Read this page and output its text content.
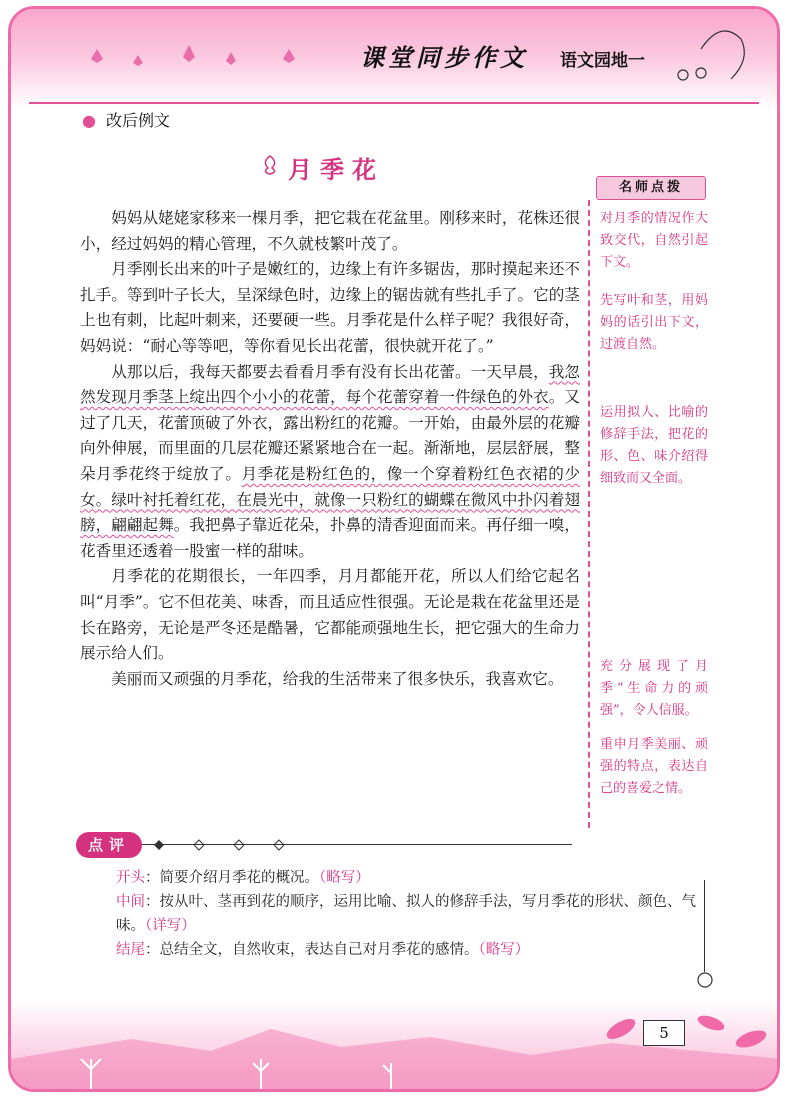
课堂同步作文 语文园地一
● 改后例文
月季花

妈妈从姥姥家移来一棵月季，把它栽在花盆里。刚移来时，花株还很小，经过妈妈的精心管理，不久就枝繁叶茂了。

月季刚长出来的叶子是嫩红的，边缘上有许多锯齿，那时摸起来还不扎手。等到叶子长大，呈深绿色时，边缘上的锯齿就有些扎手了。它的茎上也有刺，比起叶刺来，还要硬一些。月季花是什么样子呢？我很好奇，妈妈说：“耐心等等吧，等你看见长出花蕾，很快就开花了。”

从那以后，我每天都要去看看月季有没有长出花蕾。一天早晨，我忽然发现月季茎上绽出四个小小的花蕾，每个花蕾穿着一件绿色的外衣。又过了几天，花蕾顶破了外衣，露出粉红的花瓣。一开始，由最外层的花瓣向外伸展，而里面的几层花瓣还紧紧地合在一起。渐渐地，层层舒展，整朵月季花终于绽放了。月季花是粉红色的，像一个穿着粉红色衣裙的少女。绿叶衬托着红花，在晨光中，就像一只粉红的蝴蝶在微风中扑闪着翅膀，翩翩起舞。我把鼻子靠近花朵，扑鼻的清香迎面而来。再仔细一嗅，花香里还透着一股蜜一样的甜味。

月季花的花期很长，一年四季，月月都能开花，所以人们给它起名叫“月季”。它不但花美、味香，而且适应性很强。无论是栽在花盆里还是长在路旁，无论是严冬还是酷暑，它都能顽强地生长，把它强大的生命力展示给人们。

美丽而又顽强的月季花，给我的生活带来了很多快乐，我喜欢它。

名师点拨
对月季的情况作大致交代，自然引起下文。
先写叶和茎，用妈妈的话引出下文，过渡自然。
运用拟人、比喻的修辞手法，把花的形、色、味介绍得细致而又全面。
充分展现了月季“生命力的顽强”，令人信服。
重申月季美丽、顽强的特点，表达自己的喜爱之情。
点评
开头：简要介绍月季花的概况。（略写）
中间：按从叶、茎再到花的顺序，运用比喻、拟人的修辞手法，写月季花的形状、颜色、气味。（详写）
结尾：总结全文，自然收束，表达自己对月季花的感情。（略写）
5
